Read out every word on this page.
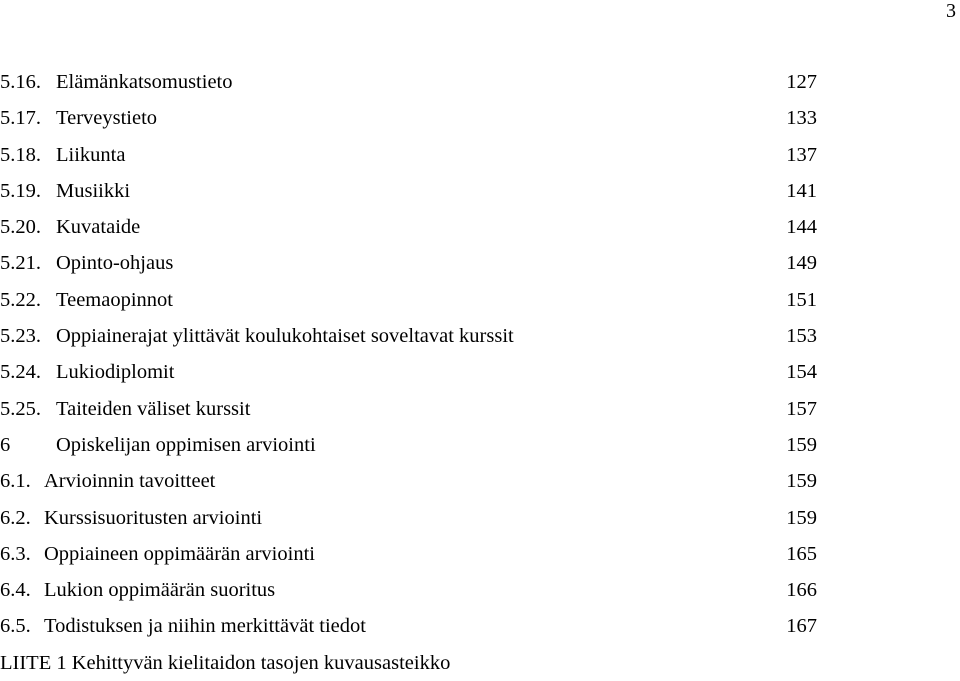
3
5.16. Elämänkatsomustieto	127
5.17. Terveystieto	133
5.18. Liikunta	137
5.19. Musiikki	141
5.20. Kuvataide	144
5.21. Opinto-ohjaus	149
5.22. Teemaopinnot	151
5.23. Oppiainerajat ylittävät koulukohtaiset soveltavat kurssit	153
5.24. Lukiodiplomit	154
5.25. Taiteiden väliset kurssit	157
6 Opiskelijan oppimisen arviointi	159
6.1. Arvioinnin tavoitteet	159
6.2. Kurssisuoritusten arviointi	159
6.3. Oppiaineen oppimäärän arviointi	165
6.4. Lukion oppimäärän suoritus	166
6.5. Todistuksen ja niihin merkittävät tiedot	167
LIITE 1 Kehittyvän kielitaidon tasojen kuvausasteikko
